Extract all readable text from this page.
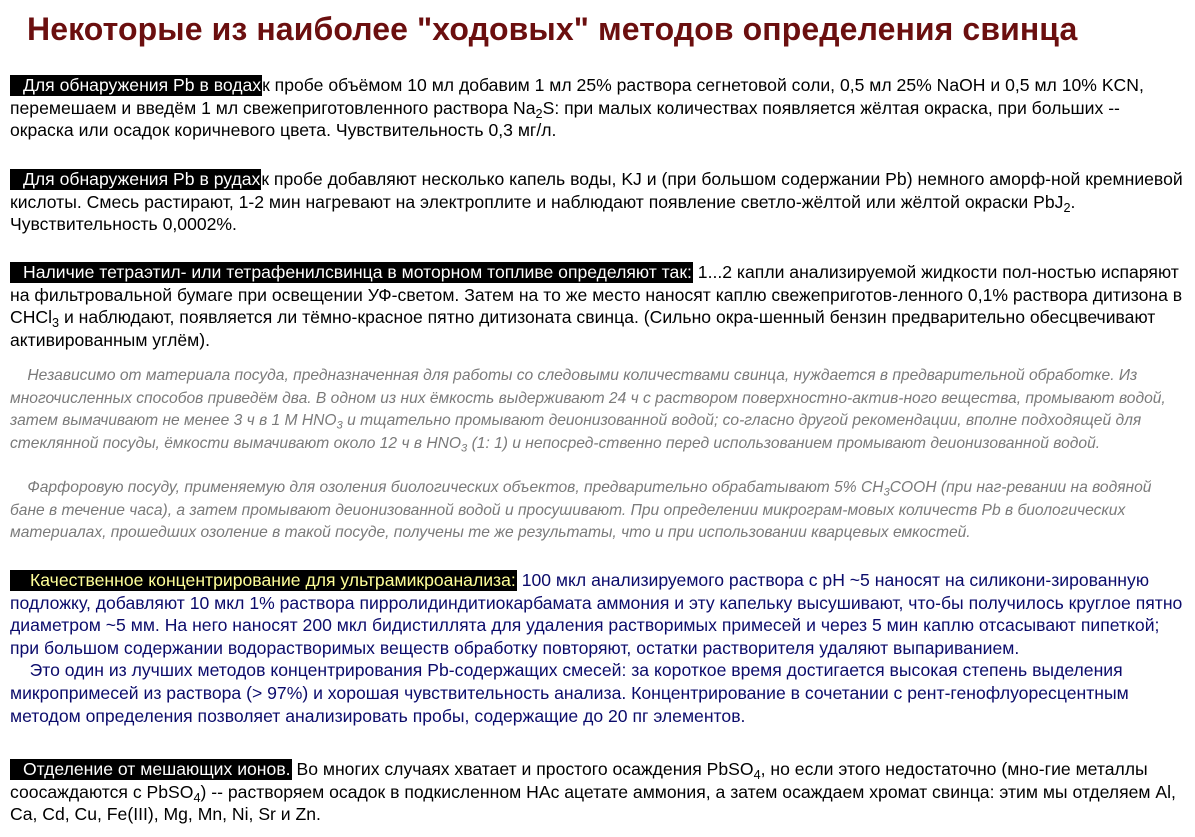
Некоторые из наиболее "ходовых" методов определения свинца

Для обнаружения Pb в водахк пробе объёмом 10 мл добавим 1 мл 25% раствора сегнетовой соли, 0,5 мл 25% NaOH и 0,5 мл 10% KCN, перемешаем и введём 1 мл свежеприготовленного раствора $Na_2S$: при малых количествах появляется жёлтая окраска, при больших -- окраска или осадок коричневого цвета. Чувствительность 0,3 мг/л.

Для обнаружения Pb в рудахк пробе добавляют несколько капель воды, KJ и (при большом содержании Pb) немного аморф-ной кремниевой кислоты. Смесь растирают, 1-2 мин нагревают на электроплите и наблюдают появление светло-жёлтой или жёлтой окраски PbJ$_2$. Чувствительность 0,0002%.

Наличие тетраэтил- или тетрафенилсвинца в моторном топливе определяют так: 1...2 капли анализируемой жидкости пол-ностью испаряют на фильтровальной бумаге при освещении УФ-светом. Затем на то же место наносят каплю свежеприготов-ленного 0,1% раствора дитизона в CHCl$_3$ и наблюдают, появляется ли тёмно-красное пятно дитизоната свинца. (Сильно окра-шенный бензин предварительно обесцвечивают активированным углём).

Независимо от материала посуда, предназначенная для работы со следовыми количествами свинца, нуждается в предварительной обработке. Из многочисленных способов приведём два. В одном из них ёмкость выдерживают 24 ч с раствором поверхностно-актив-ного вещества, промывают водой, затем вымачивают не менее 3 ч в 1 М $HNO_3$ и тщательно промывают деионизованной водой; со-гласно другой рекомендации, вполне подходящей для стеклянной посуды, ёмкости вымачивают около 12 ч в $HNO_3$ (1: 1) и непосред-ственно перед использованием промывают деионизованной водой.

Фарфоровую посуду, применяемую для озоления биологических объектов, предварительно обрабатывают 5% $CH_3COOH$ (при наг-ревании на водяной бане в течение часа), а затем промывают деионизованной водой и просушивают. При определении микрограм-мовых количеств Pb в биологических материалах, прошедших озоление в такой посуде, получены те же результаты, что и при использовании кварцевых емкостей.

Качественное концентрирование для ультрамикроанализа: 100 мкл анализируемого раствора с pH ~5 наносят на силикони-зированную подложку, добавляют 10 мкл 1% раствора пирролидиндитиокарбамата аммония и эту капельку высушивают, что-бы получилось круглое пятно диаметром ~5 мм. На него наносят 200 мкл бидистиллята для удаления растворимых примесей и через 5 мин каплю отсасывают пипеткой; при большом содержании водорастворимых веществ обработку повторяют, остатки растворителя удаляют выпариванием.
Это один из лучших методов концентрирования Pb-содержащих смесей: за короткое время достигается высокая степень выделения микропримесей из раствора (> 97%) и хорошая чувствительность анализа. Концентрирование в сочетании с рент-генофлуоресцентным методом определения позволяет анализировать пробы, содержащие до 20 пг элементов.

Отделение от мешающих ионов. Во многих случаях хватает и простого осаждения PbSO$_4$, но если этого недостаточно (мно-гие металлы соосаждаются с PbSO$_4$) -- растворяем осадок в подкисленном HAc ацетате аммония, а затем осаждаем хромат свинца: этим мы отделяем Al, Ca, Cd, Cu, Fe(III), Mg, Mn, Ni, Sr и Zn.
